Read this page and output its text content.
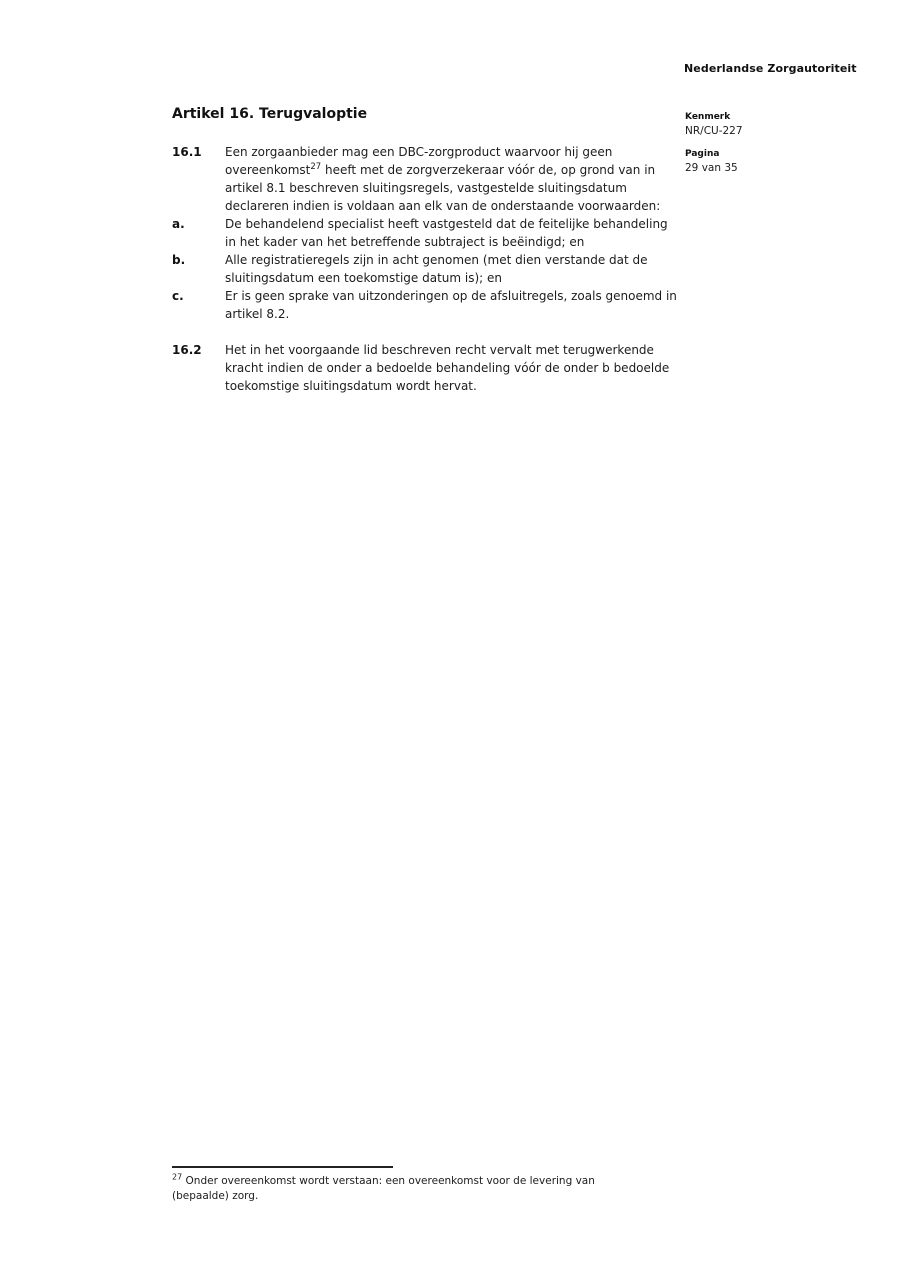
Nederlandse Zorgautoriteit
Kenmerk
NR/CU-227
Pagina
29 van 35
Artikel 16. Terugvaloptie
16.1	Een zorgaanbieder mag een DBC-zorgproduct waarvoor hij geen overeenkomst$^{27}$ heeft met de zorgverzekeraar vóór de, op grond van in artikel 8.1 beschreven sluitingsregels, vastgestelde sluitingsdatum declareren indien is voldaan aan elk van de onderstaande voorwaarden:
a.	De behandelend specialist heeft vastgesteld dat de feitelijke behandeling in het kader van het betreffende subtraject is beëindigd; en
b.	Alle registratieregels zijn in acht genomen (met dien verstande dat de sluitingsdatum een toekomstige datum is); en
c.	Er is geen sprake van uitzonderingen op de afsluitregels, zoals genoemd in artikel 8.2.
16.2	Het in het voorgaande lid beschreven recht vervalt met terugwerkende kracht indien de onder a bedoelde behandeling vóór de onder b bedoelde toekomstige sluitingsdatum wordt hervat.
$^{27}$ Onder overeenkomst wordt verstaan: een overeenkomst voor de levering van (bepaalde) zorg.
